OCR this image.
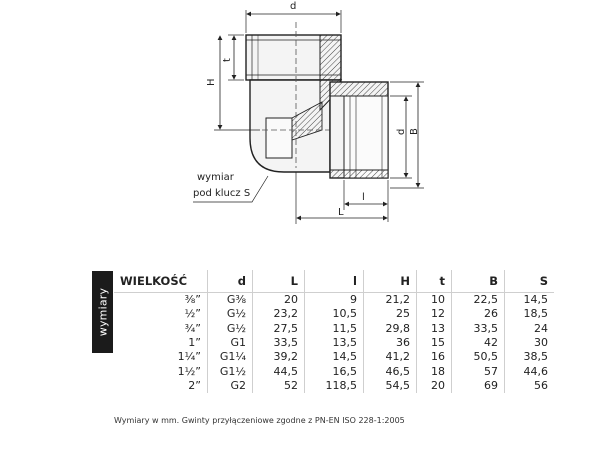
d
t
H
d B
l
L
wymiar
pod klucz S
wymiary
WIELKOŚĆ	d	L	l	H	t	B	S
⅜”	G⅜	20	9	21,2	10	22,5	14,5
½”	G½	23,2	10,5	25	12	26	18,5
¾”	G½	27,5	11,5	29,8	13	33,5	24
1”	G1	33,5	13,5	36	15	42	30
1¼”	G1¼	39,2	14,5	41,2	16	50,5	38,5
1½”	G1½	44,5	16,5	46,5	18	57	44,6
2”	G2	52	118,5	54,5	20	69	56
Wymiary w mm. Gwinty przyłączeniowe zgodne z PN-EN ISO 228-1:2005
